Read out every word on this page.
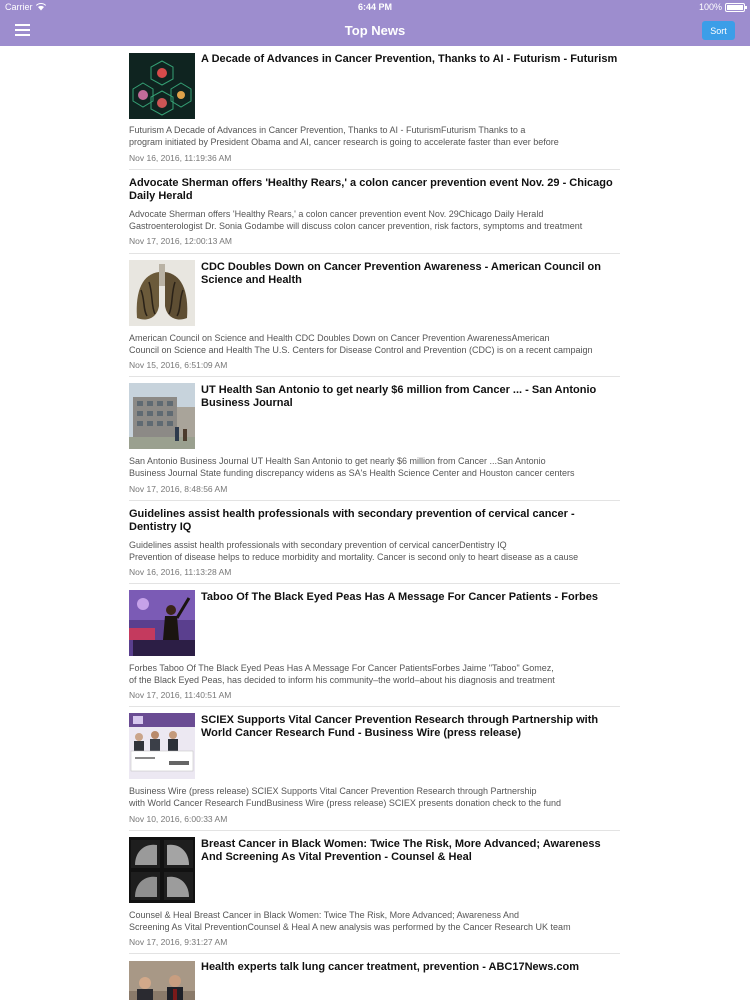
Carrier	6:44 PM	100%
Top News	Sort
A Decade of Advances in Cancer Prevention, Thanks to AI - Futurism - Futurism
Futurism A Decade of Advances in Cancer Prevention, Thanks to AI - FuturismFuturism Thanks to a
program initiated by President Obama and AI, cancer research is going to accelerate faster than ever before
Nov 16, 2016, 11:19:36 AM
Advocate Sherman offers 'Healthy Rears,' a colon cancer prevention event Nov. 29 - Chicago Daily Herald
Advocate Sherman offers 'Healthy Rears,' a colon cancer prevention event Nov. 29Chicago Daily Herald
Gastroenterologist Dr. Sonia Godambe will discuss colon cancer prevention, risk factors, symptoms and treatment
Nov 17, 2016, 12:00:13 AM
CDC Doubles Down on Cancer Prevention Awareness - American Council on Science and Health
American Council on Science and Health CDC Doubles Down on Cancer Prevention AwarenessAmerican
Council on Science and Health The U.S. Centers for Disease Control and Prevention (CDC) is on a recent campaign
Nov 15, 2016, 6:51:09 AM
UT Health San Antonio to get nearly $6 million from Cancer ... - San Antonio Business Journal
San Antonio Business Journal UT Health San Antonio to get nearly $6 million from Cancer ...San Antonio
Business Journal State funding discrepancy widens as SA's Health Science Center and Houston cancer centers
Nov 17, 2016, 8:48:56 AM
Guidelines assist health professionals with secondary prevention of cervical cancer - Dentistry IQ
Guidelines assist health professionals with secondary prevention of cervical cancerDentistry IQ
Prevention of disease helps to reduce morbidity and mortality. Cancer is second only to heart disease as a cause
Nov 16, 2016, 11:13:28 AM
Taboo Of The Black Eyed Peas Has A Message For Cancer Patients - Forbes
Forbes Taboo Of The Black Eyed Peas Has A Message For Cancer PatientsForbes Jaime "Taboo" Gomez,
of the Black Eyed Peas, has decided to inform his community–the world–about his diagnosis and treatment
Nov 17, 2016, 11:40:51 AM
SCIEX Supports Vital Cancer Prevention Research through Partnership with World Cancer Research Fund - Business Wire (press release)
Business Wire (press release) SCIEX Supports Vital Cancer Prevention Research through Partnership
with World Cancer Research FundBusiness Wire (press release) SCIEX presents donation check to the fund
Nov 10, 2016, 6:00:33 AM
Breast Cancer in Black Women: Twice The Risk, More Advanced; Awareness And Screening As Vital Prevention - Counsel & Heal
Counsel & Heal Breast Cancer in Black Women: Twice The Risk, More Advanced; Awareness And
Screening As Vital PreventionCounsel & Heal A new analysis was performed by the Cancer Research UK team
Nov 17, 2016, 9:31:27 AM
Health experts talk lung cancer treatment, prevention - ABC17News.com
